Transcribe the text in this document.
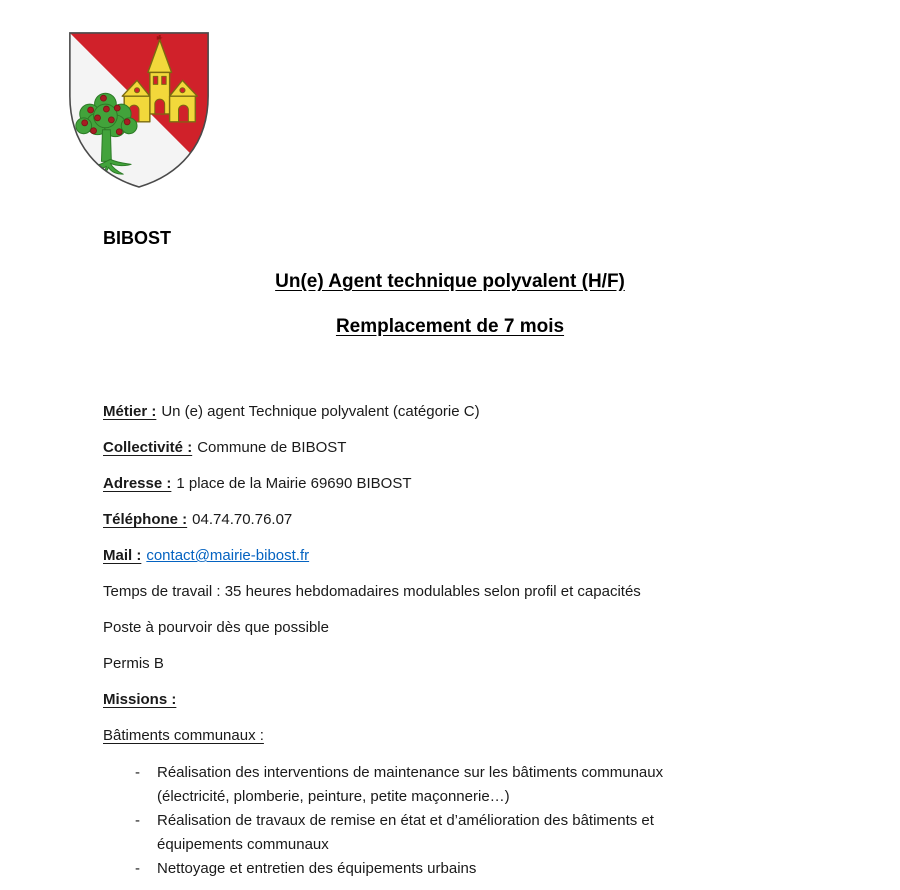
BIBOST
Un(e) Agent technique polyvalent (H/F)
Remplacement de 7 mois

Métier : Un (e) agent Technique polyvalent (catégorie C)

Collectivité : Commune de BIBOST

Adresse : 1 place de la Mairie 69690 BIBOST

Téléphone : 04.74.70.76.07

Mail : contact@mairie-bibost.fr

Temps de travail : 35 heures hebdomadaires modulables selon profil et capacités

Poste à pourvoir dès que possible

Permis B

Missions :

Bâtiments communaux :

-	Réalisation des interventions de maintenance sur les bâtiments communaux (électricité, plomberie, peinture, petite maçonnerie…)
-	Réalisation de travaux de remise en état et d’amélioration des bâtiments et équipements communaux
-	Nettoyage et entretien des équipements urbains
